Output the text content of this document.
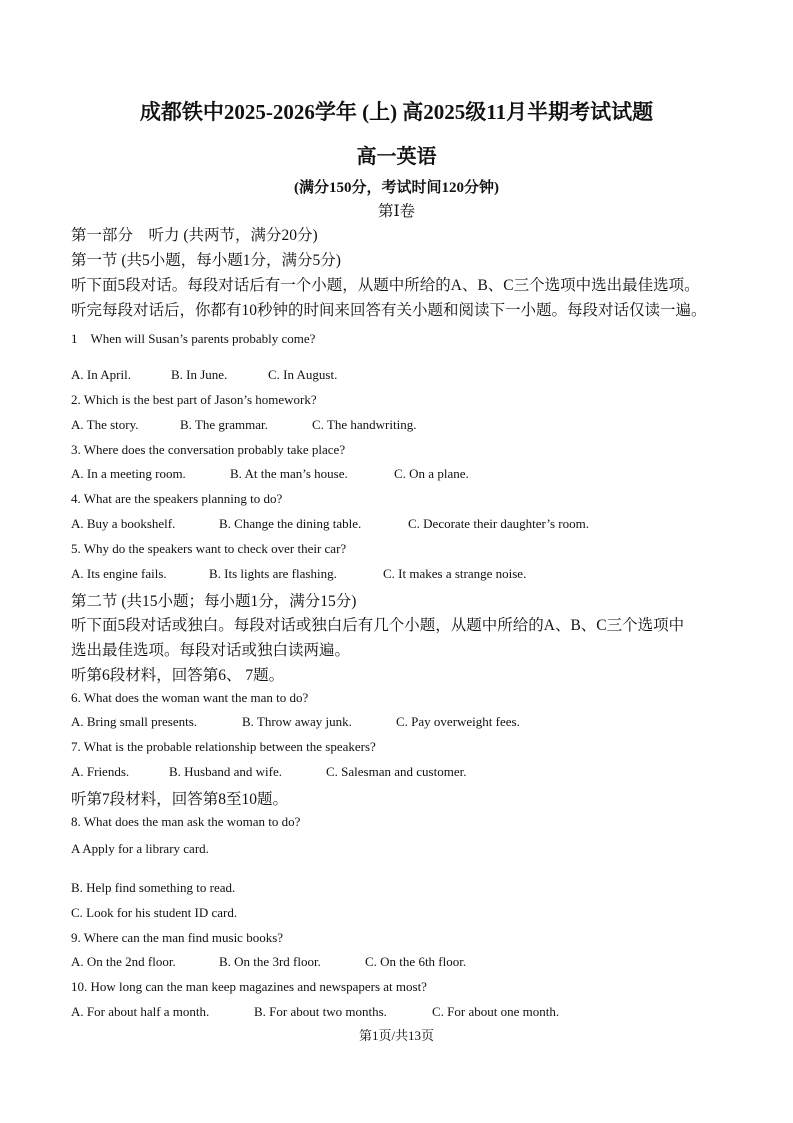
成都铁中2025-2026学年 (上) 高2025级11月半期考试试题
高一英语
(满分150分，考试时间120分钟)
第Ⅰ卷
第一部分　听力 (共两节，满分20分)
第一节 (共5小题，每小题1分，满分5分)
听下面5段对话。每段对话后有一个小题，从题中所给的A、B、C三个选项中选出最佳选项。
听完每段对话后，你都有10秒钟的时间来回答有关小题和阅读下一小题。每段对话仅读一遍。
1　When will Susan’s parents probably come?
A. In April.	B. In June.	C. In August.
2. Which is the best part of Jason’s homework?
A. The story.	B. The grammar.	C. The handwriting.
3. Where does the conversation probably take place?
A. In a meeting room.	B. At the man’s house.	C. On a plane.
4. What are the speakers planning to do?
A. Buy a bookshelf.	B. Change the dining table.	C. Decorate their daughter’s room.
5. Why do the speakers want to check over their car?
A. Its engine fails.	B. Its lights are flashing.	C. It makes a strange noise.
第二节 (共15小题；每小题1分，满分15分)
听下面5段对话或独白。每段对话或独白后有几个小题，从题中所给的A、B、C三个选项中
选出最佳选项。每段对话或独白读两遍。
听第6段材料，回答第6、 7题。
6. What does the woman want the man to do?
A. Bring small presents.	B. Throw away junk.	C. Pay overweight fees.
7. What is the probable relationship between the speakers?
A. Friends.	B. Husband and wife.	C. Salesman and customer.
听第7段材料，回答第8至10题。
8. What does the man ask the woman to do?
A Apply for a library card.
B. Help find something to read.
C. Look for his student ID card.
9. Where can the man find music books?
A. On the 2nd floor.	B. On the 3rd floor.	C. On the 6th floor.
10. How long can the man keep magazines and newspapers at most?
A. For about half a month.	B. For about two months.	C. For about one month.
第1页/共13页
